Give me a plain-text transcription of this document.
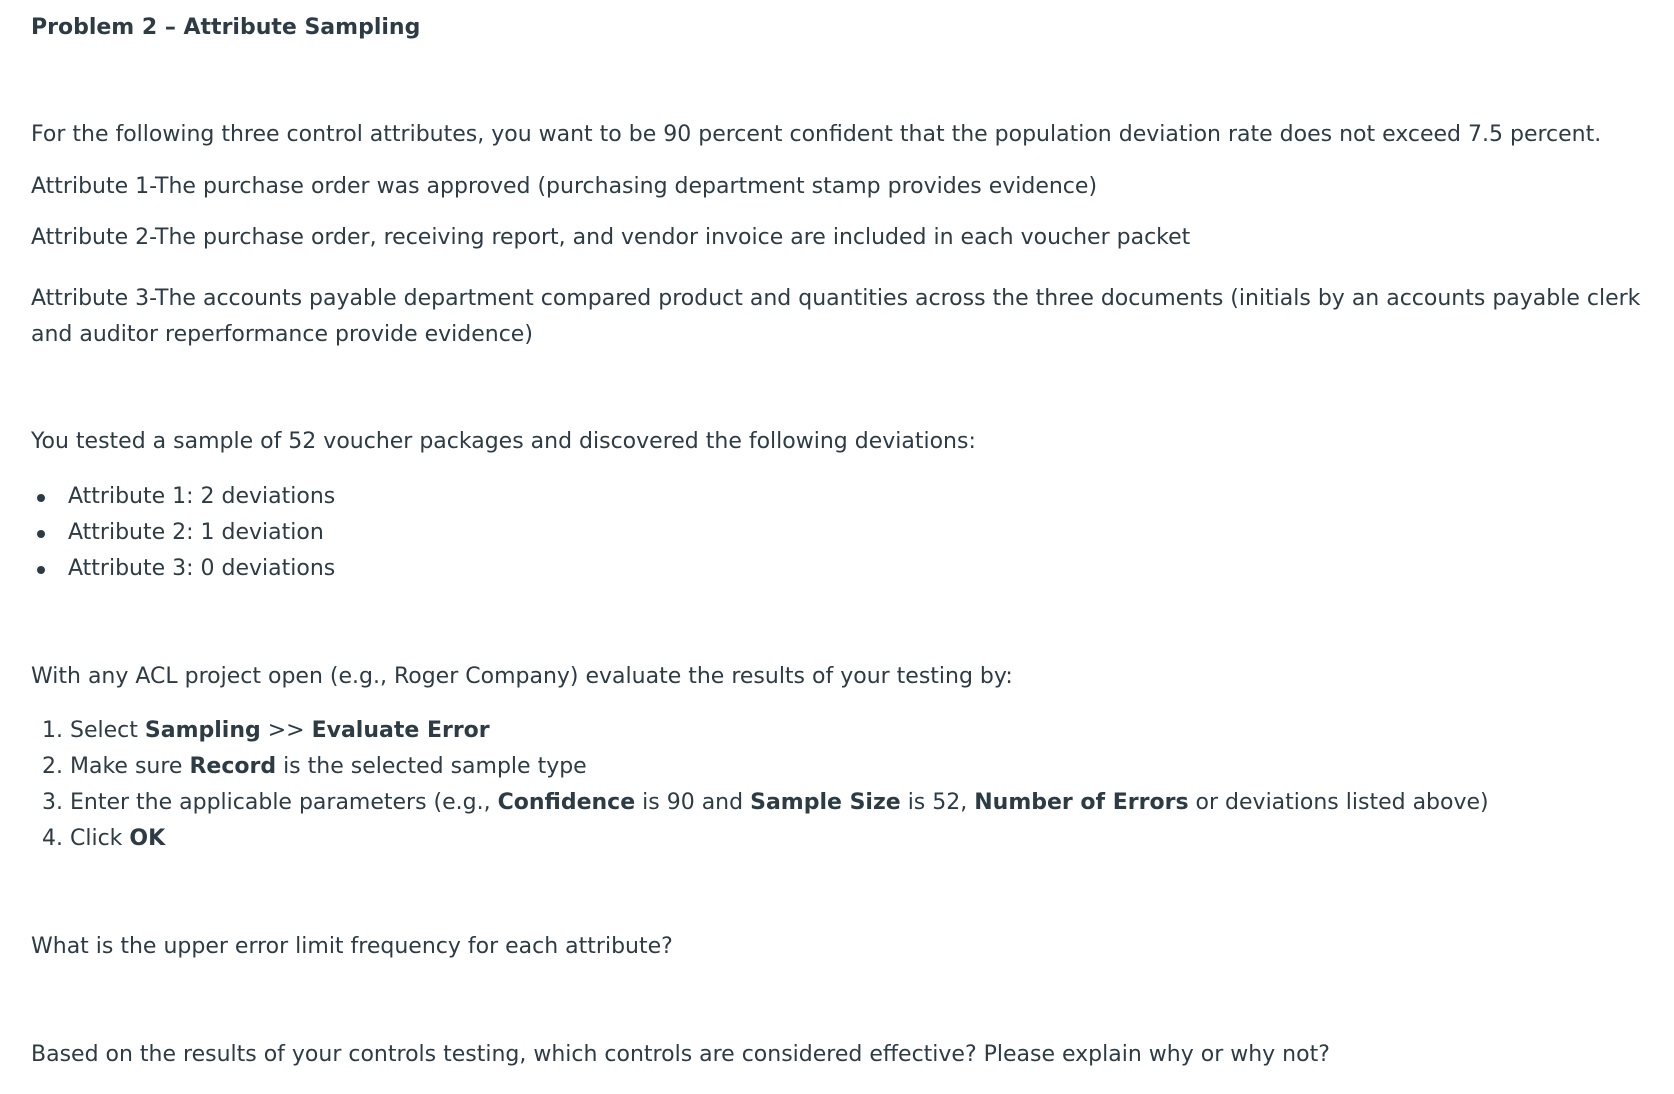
Problem 2 – Attribute Sampling

For the following three control attributes, you want to be 90 percent confident that the population deviation rate does not exceed 7.5 percent.

Attribute 1-The purchase order was approved (purchasing department stamp provides evidence)

Attribute 2-The purchase order, receiving report, and vendor invoice are included in each voucher packet

Attribute 3-The accounts payable department compared product and quantities across the three documents (initials by an accounts payable clerk and auditor reperformance provide evidence)

You tested a sample of 52 voucher packages and discovered the following deviations:

Attribute 1: 2 deviations
Attribute 2: 1 deviation
Attribute 3: 0 deviations

With any ACL project open (e.g., Roger Company) evaluate the results of your testing by:

1. Select Sampling >> Evaluate Error
2. Make sure Record is the selected sample type
3. Enter the applicable parameters (e.g., Confidence is 90 and Sample Size is 52, Number of Errors or deviations listed above)
4. Click OK

What is the upper error limit frequency for each attribute?

Based on the results of your controls testing, which controls are considered effective? Please explain why or why not?
